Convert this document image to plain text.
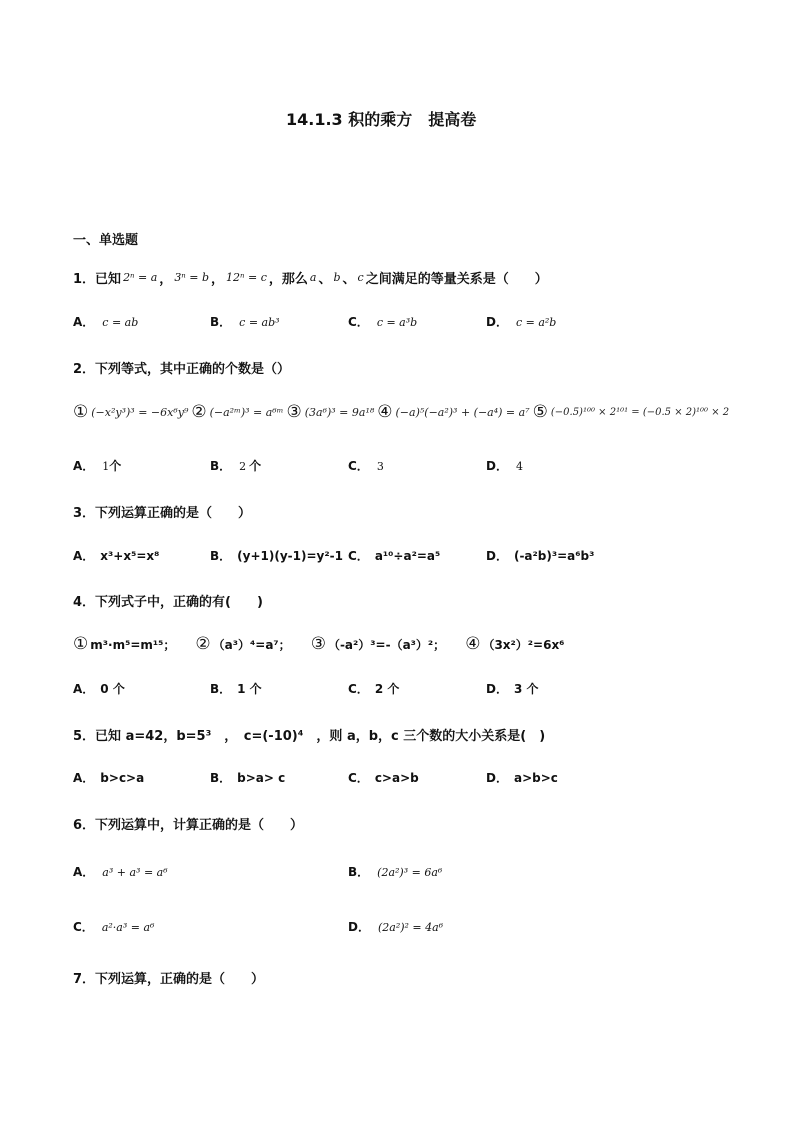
14.1.3 积的乘方　提高卷
一、单选题
1． 已知 2ⁿ = a ， 3ⁿ = b ， 12ⁿ = c ，那么 a 、 b 、 c 之间满足的等量关系是（　　）
A． c = ab	B． c = ab³	C． c = a³b	D． c = a²b
2．下列等式，其中正确的个数是（）
① (−x²y³)³ = −6x⁶y⁹ ② (−a²ᵐ)³ = a⁶ᵐ ③ (3a⁶)³ = 9a¹⁸ ④ (−a)⁵(−a²)³ + (−a⁴) = a⁷ ⑤ (−0.5)¹⁰⁰ × 2¹⁰¹ = (−0.5 × 2)¹⁰⁰ × 2
A． 1个	B． 2 个	C． 3	D． 4
3．下列运算正确的是（　　）
A． x³+x⁵=x⁸	B． (y+1)(y-1)=y²-1 C． a¹⁰÷a²=a⁵	D． (-a²b)³=a⁶b³
4．下列式子中，正确的有(　　)
① m³·m⁵=m¹⁵； ② （a³）⁴=a⁷； ③ （-a²）³=-（a³）²； ④ （3x²）²=6x⁶
A． 0 个	B． 1 个	C． 2 个	D． 3 个
5．已知 a=42，b=5³　，　c=(-10)⁴　，则 a，b，c 三个数的大小关系是(　)
A． b>c>a	B． b>a> c	C． c>a>b	D． a>b>c
6．下列运算中，计算正确的是（　　）
A． a³ + a³ = a⁶	B． (2a²)³ = 6a⁶
C． a²·a³ = a⁶	D． (2a²)² = 4a⁶
7．下列运算，正确的是（　　）
